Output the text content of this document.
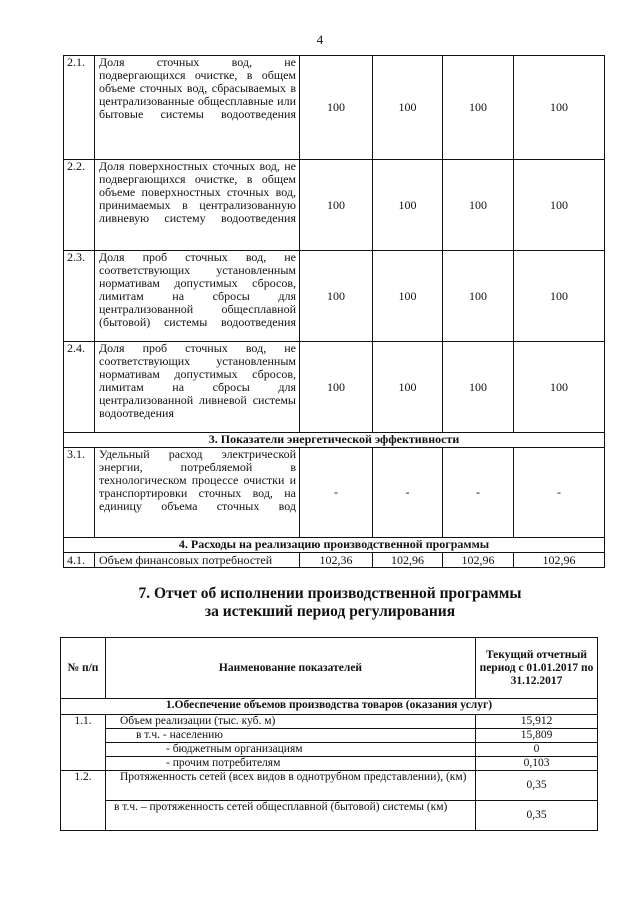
4
2.1.	Доля сточных вод, не подвергающихся очистке, в общем объеме сточных вод, сбрасываемых в централизованные общесплавные или бытовые системы водоотведения	100	100	100	100
2.2.	Доля поверхностных сточных вод, не подвергающихся очистке, в общем объеме поверхностных сточных вод, принимаемых в централизованную ливневую систему водоотведения	100	100	100	100
2.3.	Доля проб сточных вод, не соответствующих установленным нормативам допустимых сбросов, лимитам на сбросы для централизованной общесплавной (бытовой) системы водоотведения	100	100	100	100
2.4.	Доля проб сточных вод, не соответствующих установленным нормативам допустимых сбросов, лимитам на сбросы для централизованной ливневой системы водоотведения	100	100	100	100
3. Показатели энергетической эффективности					
3.1.	Удельный расход электрической энергии, потребляемой в технологическом процессе очистки и транспортировки сточных вод, на единицу объема сточных вод	-	-	-	-
4. Расходы на реализацию производственной программы					
4.1.	Объем финансовых потребностей	102,36	102,96	102,96	102,96
7. Отчет об исполнении производственной программы
за истекший период регулирования
№ п/п	Наименование показателей	Текущий отчетный период с 01.01.2017 по 31.12.2017
1.Обеспечение объемов производства товаров (оказания услуг)		
1.1.	Объем реализации (тыс. куб. м)	15,912
	в т.ч. - населению	15,809
	- бюджетным организациям	0
	- прочим потребителям	0,103
1.2.	Протяженность сетей (всех видов в однотрубном представлении), (км)	0,35
	в т.ч. – протяженность сетей общесплавной (бытовой) системы (км)	0,35
